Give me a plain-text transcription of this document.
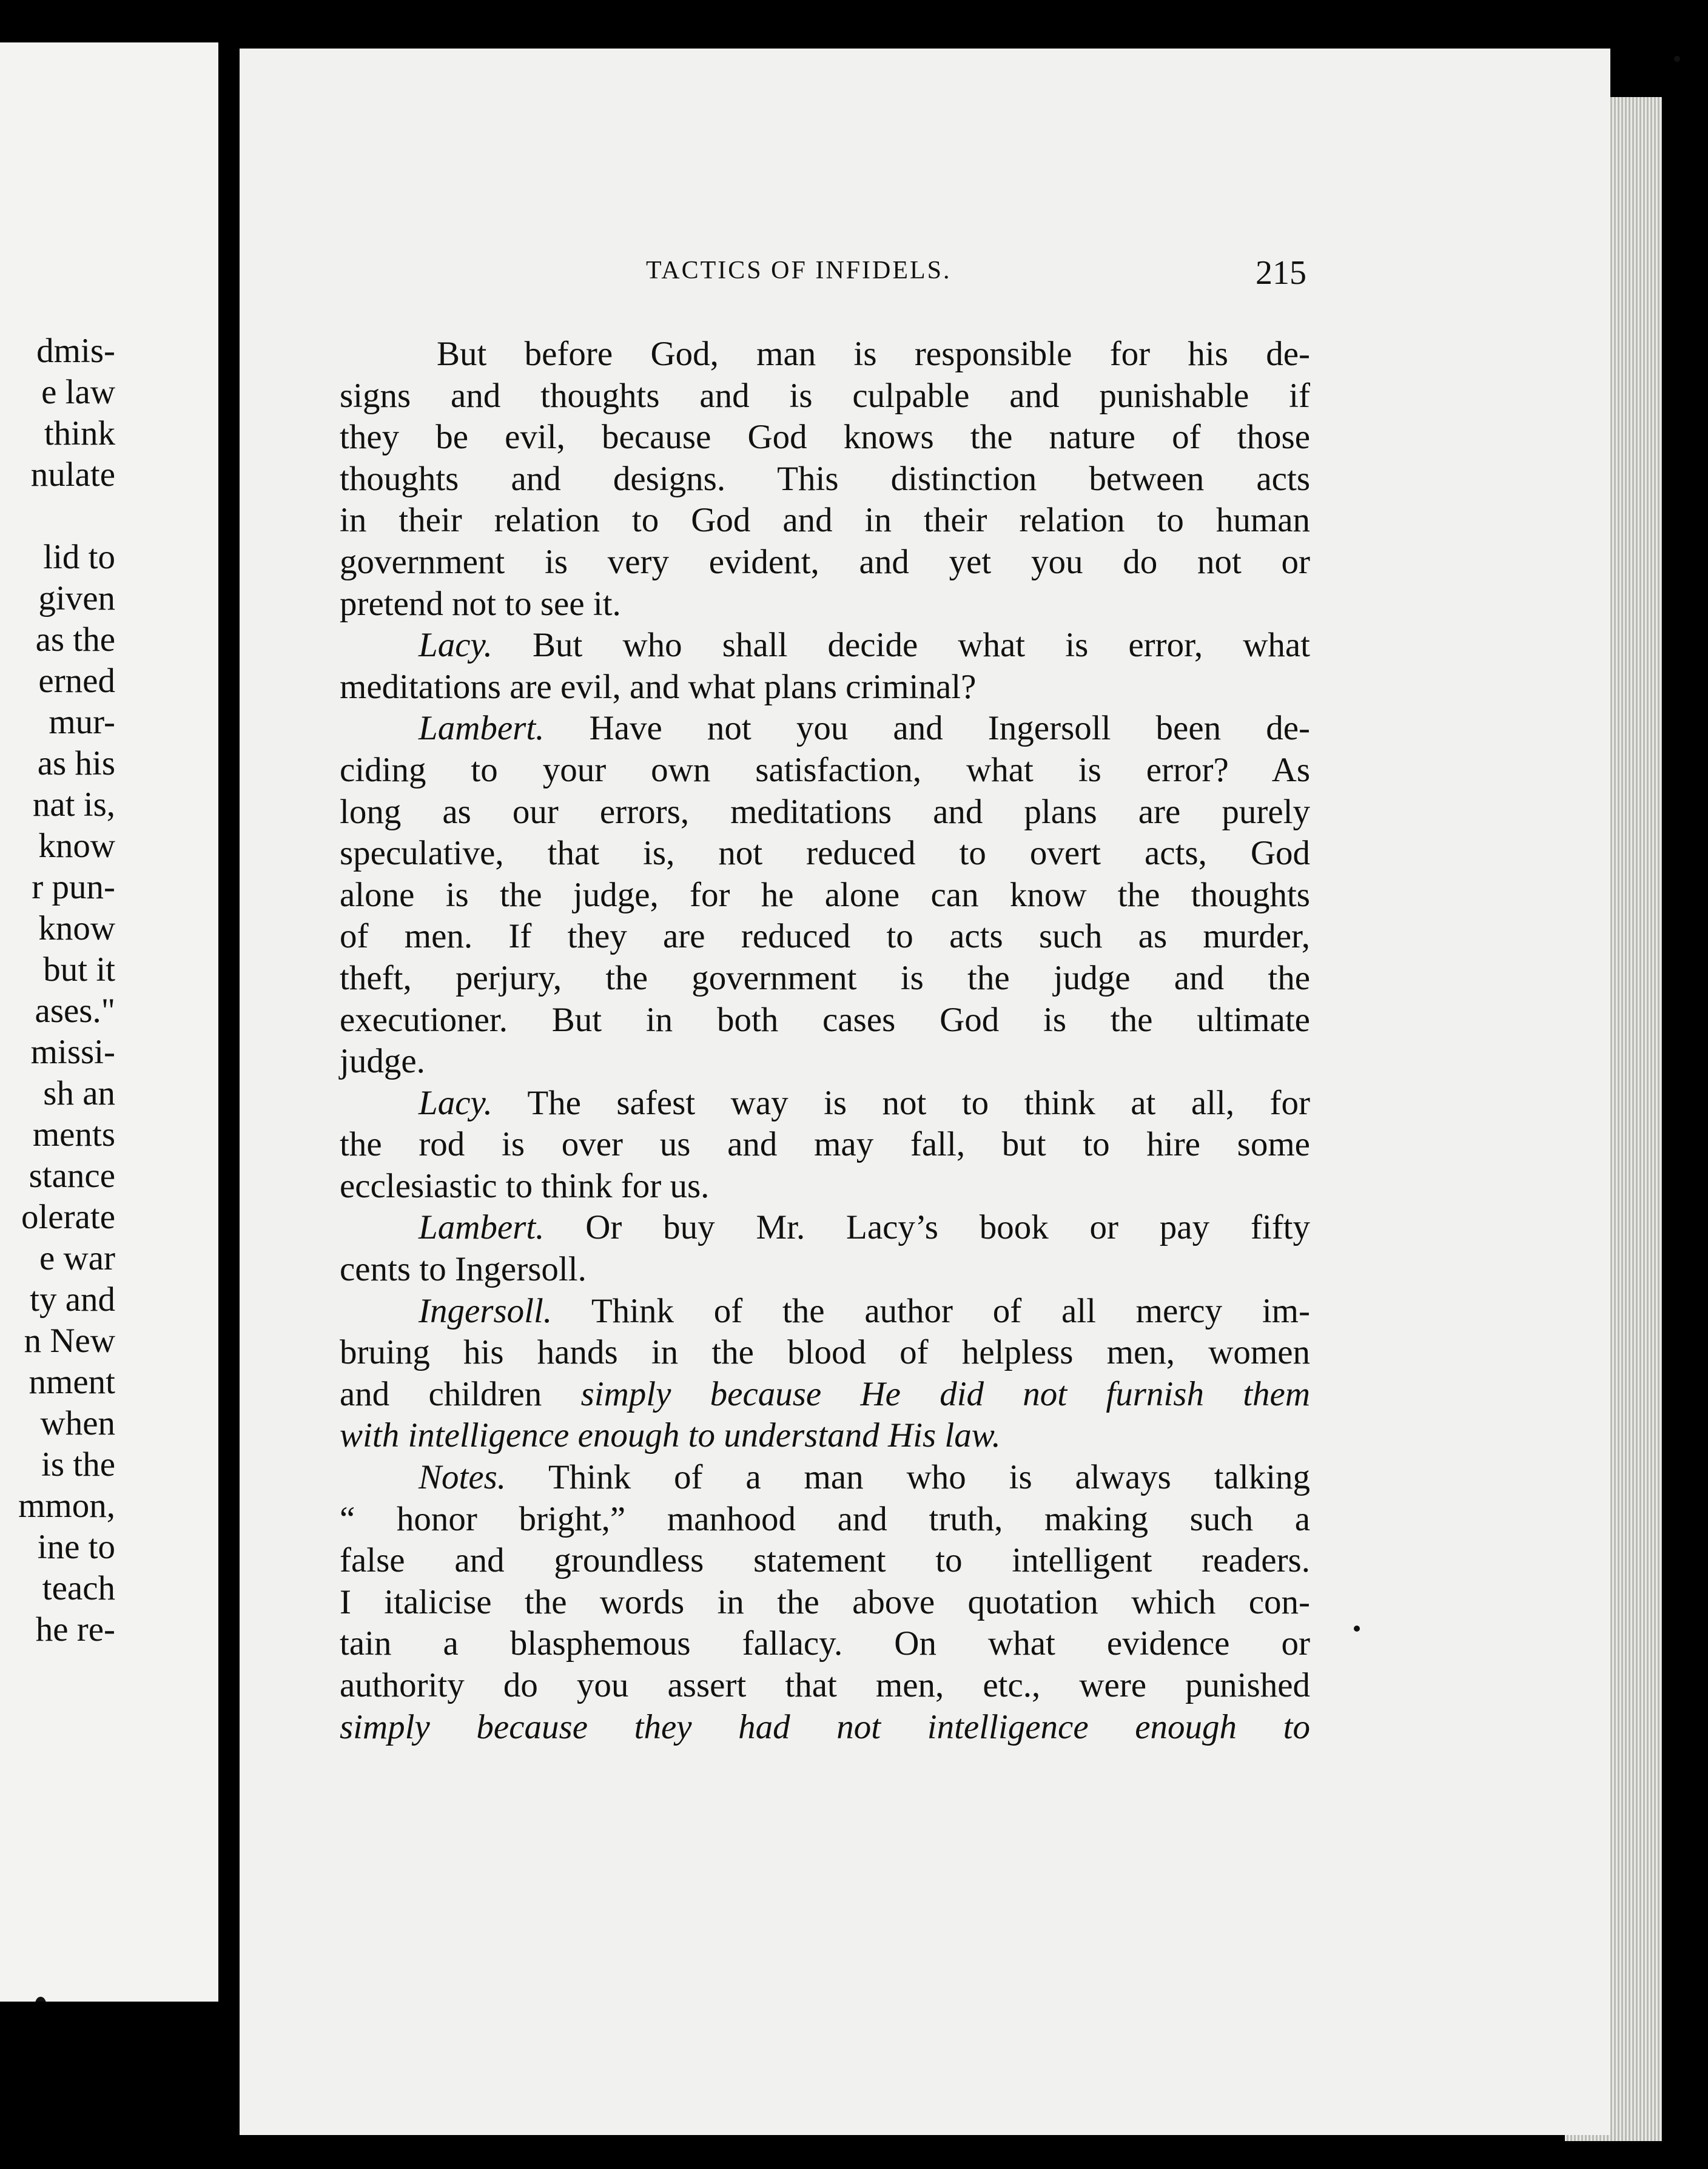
dmis-
e law
think
nulate
lid to
given
as the
erned
mur-
as his
nat is,
know
r pun-
know
but it
ases."
missi-
sh an
ments
stance
olerate
e war
ty and
n New
nment
when
is the
mmon,
ine to
teach
he re-
TACTICS OF INFIDELS.	215
But before God, man is responsible for his de-
signs and thoughts and is culpable and punishable if
they be evil, because God knows the nature of those
thoughts and designs. This distinction between acts
in their relation to God and in their relation to human
government is very evident, and yet you do not or
pretend not to see it.
Lacy. But who shall decide what is error, what
meditations are evil, and what plans criminal?
Lambert. Have not you and Ingersoll been de-
ciding to your own satisfaction, what is error? As
long as our errors, meditations and plans are purely
speculative, that is, not reduced to overt acts, God
alone is the judge, for he alone can know the thoughts
of men. If they are reduced to acts such as murder,
theft, perjury, the government is the judge and the
executioner. But in both cases God is the ultimate
judge.
Lacy. The safest way is not to think at all, for
the rod is over us and may fall, but to hire some
ecclesiastic to think for us.
Lambert. Or buy Mr. Lacy’s book or pay fifty
cents to Ingersoll.
Ingersoll. Think of the author of all mercy im-
bruing his hands in the blood of helpless men, women
and children simply because He did not furnish them
with intelligence enough to understand His law.
Notes. Think of a man who is always talking
“ honor bright,” manhood and truth, making such a
false and groundless statement to intelligent readers.
I italicise the words in the above quotation which con-
tain a blasphemous fallacy. On what evidence or
authority do you assert that men, etc., were punished
simply because they had not intelligence enough to
